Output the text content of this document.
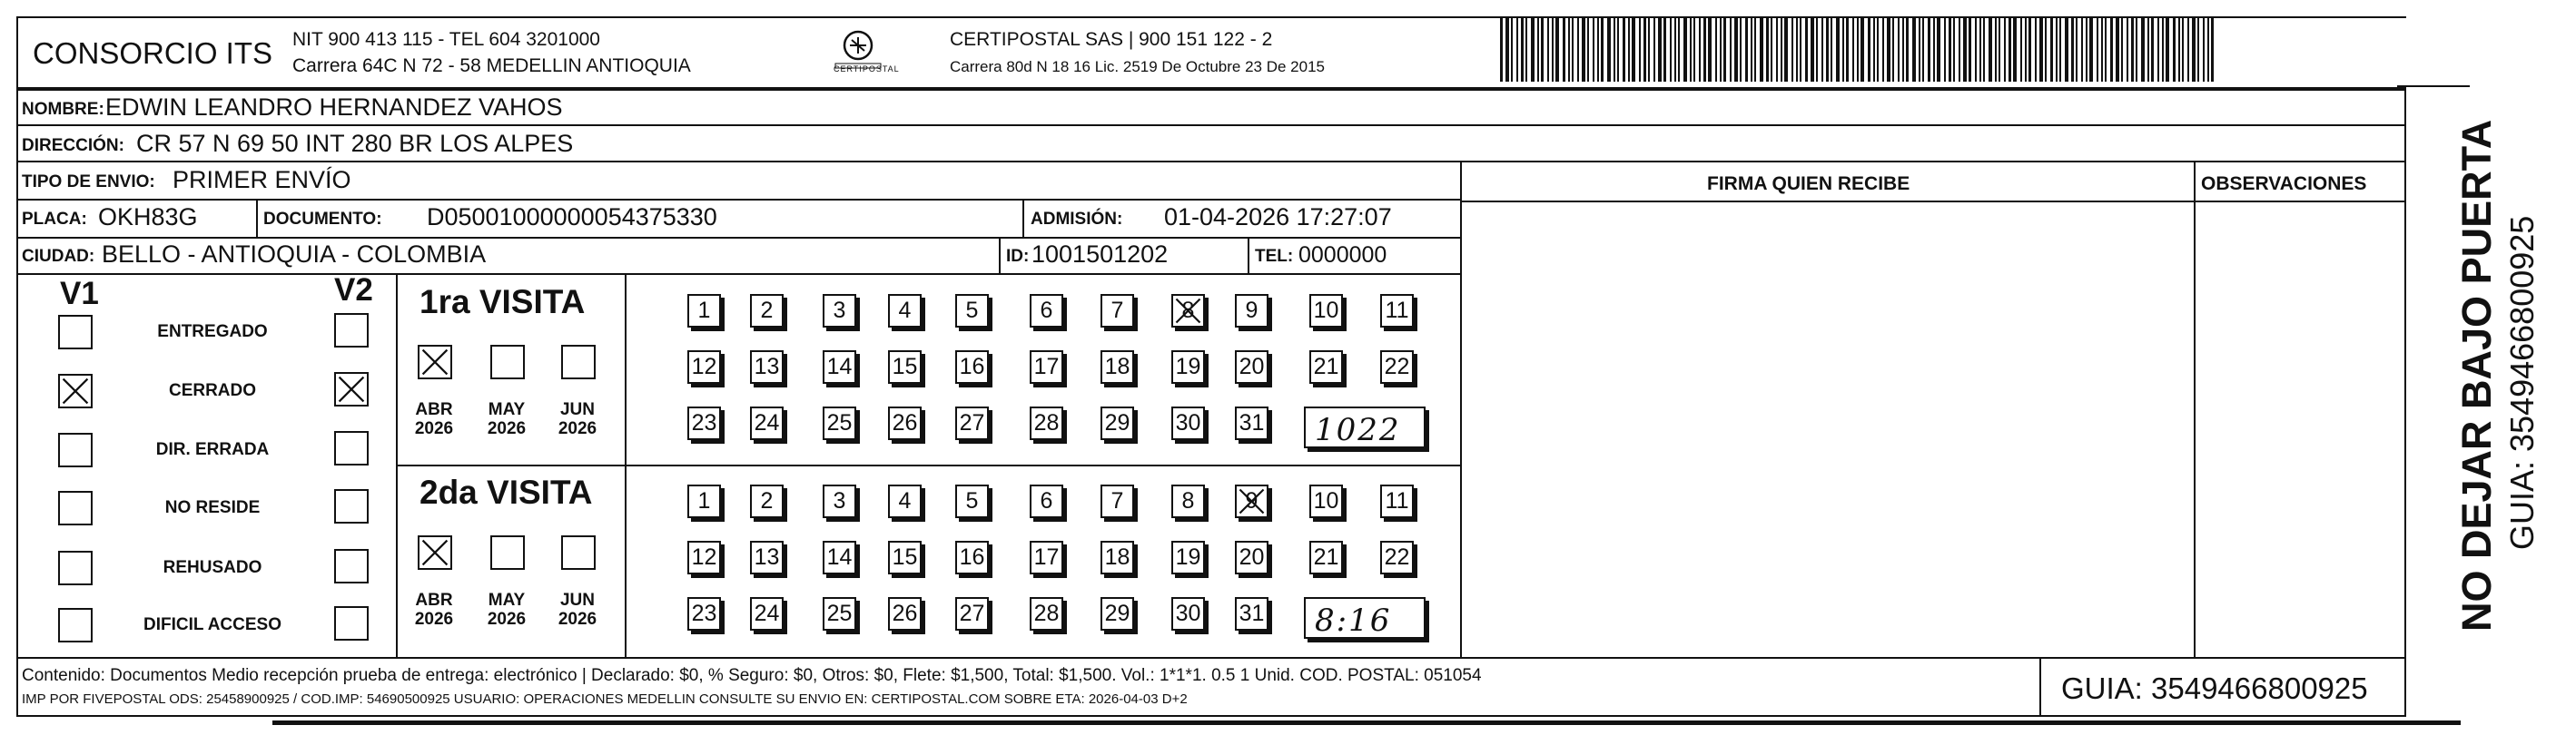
CONSORCIO ITS NIT 900 413 115 - TEL 604 3201000
Carrera 64C N 72 - 58 MEDELLIN ANTIOQUIA	CERTIPOSTAL
CERTIPOSTAL SAS | 900 151 122 - 2
Carrera 80d N 18 16 Lic. 2519 De Octubre 23 De 2015
NOMBRE: EDWIN LEANDRO HERNANDEZ VAHOS
DIRECCIÓN: CR 57 N 69 50 INT 280 BR LOS ALPES
TIPO DE ENVIO: PRIMER ENVÍO
PLACA: OKH83G	DOCUMENTO: D05001000000054375330	ADMISIÓN: 01-04-2026 17:27:07
CIUDAD: BELLO - ANTIOQUIA - COLOMBIA	ID: 1001501202	TEL: 0000000
FIRMA QUIEN RECIBE	OBSERVACIONES
V1	V2
ENTREGADO
CERRADO
DIR. ERRADA
NO RESIDE
REHUSADO
DIFICIL ACCESO
1ra VISITA
2da VISITA
ABR
2026
MAY
2026
JUN
2026
1 2	3 4 5	6	7	8 9 10 11
12 13 14 15 16 17 18 19 20 21 22
23 24 25 26 27 28 29 30 31 1022
ABR
2026
MAY
2026
JUN
2026
1 2	3 4 5	6	7	8 9 10 11
12 13 14 15 16 17 18 19 20 21 22
23 24 25 26 27 28 29 30 31 8:16
Contenido: Documentos Medio recepción prueba de entrega: electrónico | Declarado: $0, % Seguro: $0, Otros: $0, Flete: $1,500, Total: $1,500. Vol.: 1*1*1. 0.5 1 Unid. COD. POSTAL: 051054
IMP POR FIVEPOSTAL ODS: 25458900925 / COD.IMP: 54690500925 USUARIO: OPERACIONES MEDELLIN CONSULTE SU ENVIO EN: CERTIPOSTAL.COM SOBRE ETA: 2026-04-03 D+2	GUIA: 3549466800925
NO DEJAR BAJO PUERTA GUIA: 3549466800925
